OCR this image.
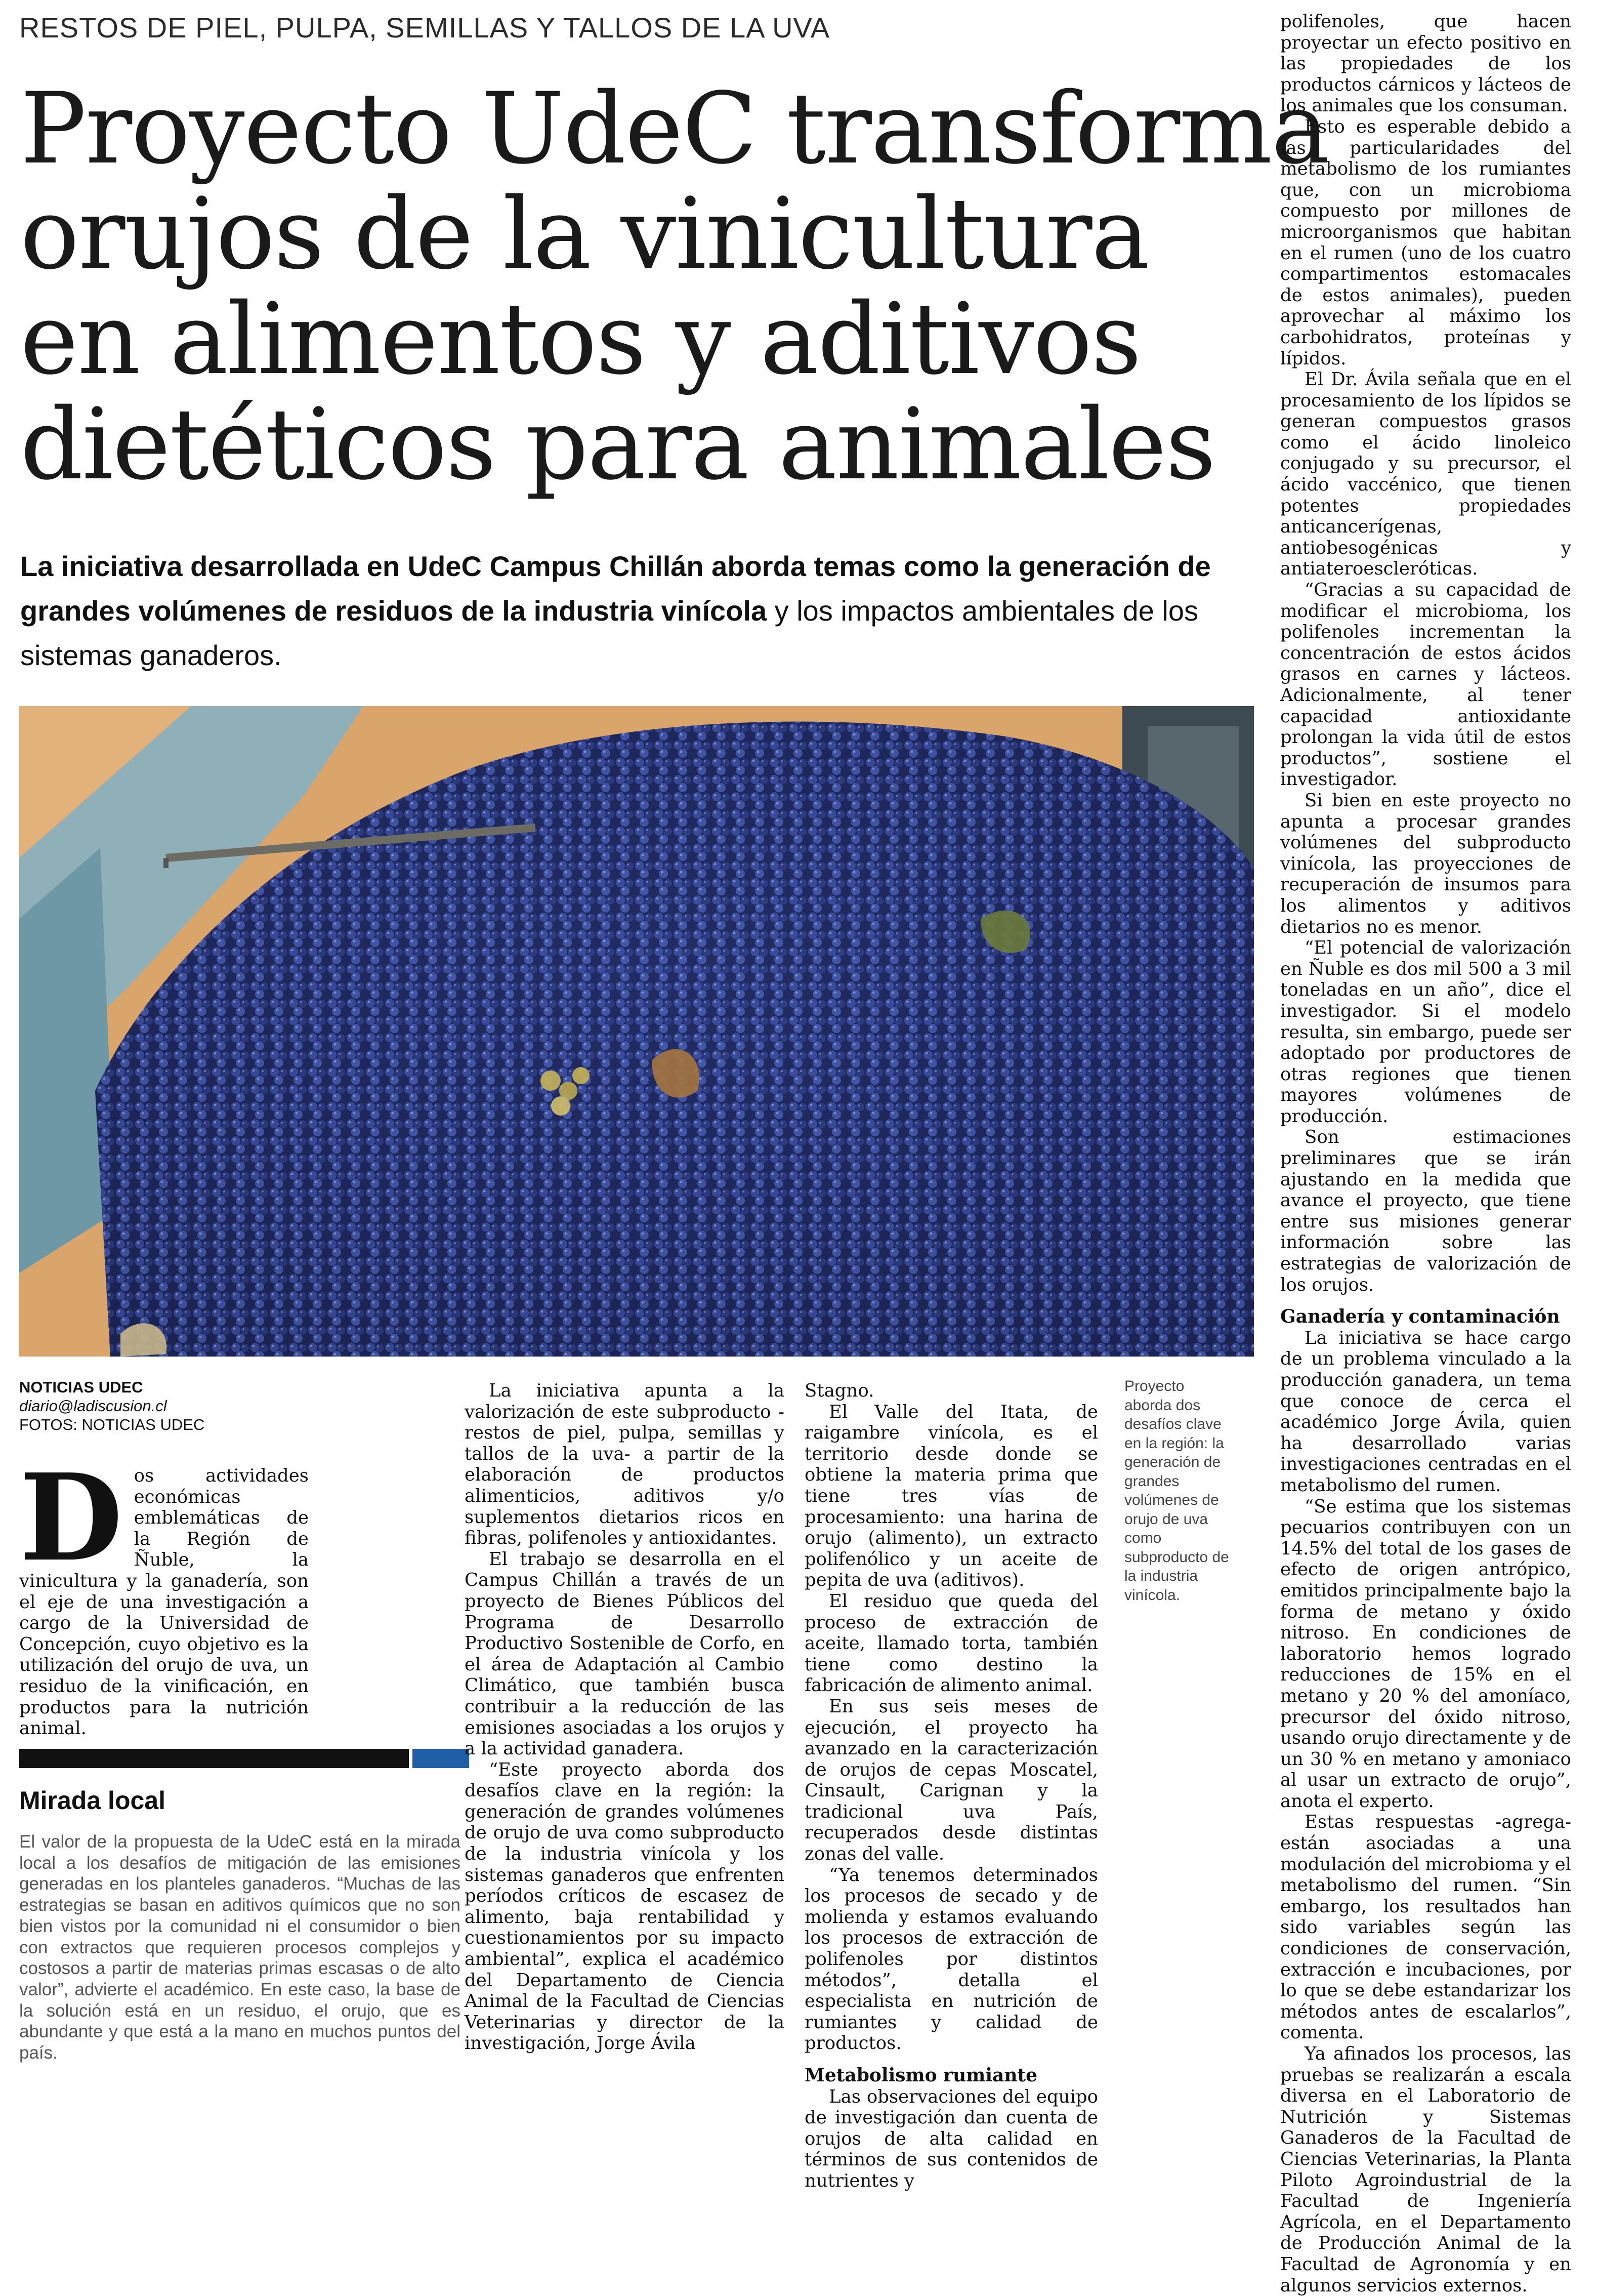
RESTOS DE PIEL, PULPA, SEMILLAS Y TALLOS DE LA UVA
Proyecto UdeC transforma
orujos de la vinicultura
en alimentos y aditivos
dietéticos para animales
La iniciativa desarrollada en UdeC Campus Chillán aborda temas como la generación de grandes volúmenes de residuos de la industria vinícola y los impactos ambientales de los sistemas ganaderos.
NOTICIAS UDEC
diario@ladiscusion.cl
FOTOS: NOTICIAS UDEC
Proyecto aborda dos desafíos clave en la región: la generación de grandes volúmenes de orujo de uva como subproducto de la industria vinícola.
D os actividades económicas emblemáticas de la Región de Ñuble, la vinicultura y la ganadería, son el eje de una investigación a cargo de la Universidad de Concepción, cuyo objetivo es la utilización del orujo de uva, un residuo de la vinificación, en productos para la nutrición animal.

Mirada local
El valor de la propuesta de la UdeC está en la mirada local a los desafíos de mitigación de las emisiones generadas en los planteles ganaderos. “Muchas de las estrategias se basan en aditivos químicos que no son bien vistos por la comunidad ni el consumidor o bien con extractos que requieren procesos complejos y costosos a partir de materias primas escasas o de alto valor”, advierte el académico. En este caso, la base de la solución está en un residuo, el orujo, que es abundante y que está a la mano en muchos puntos del país.

La iniciativa apunta a la valorización de este subproducto -restos de piel, pulpa, semillas y tallos de la uva- a partir de la elaboración de productos alimenticios, aditivos y/o suplementos dietarios ricos en fibras, polifenoles y antioxidantes.

El trabajo se desarrolla en el Campus Chillán a través de un proyecto de Bienes Públicos del Programa de Desarrollo Productivo Sostenible de Corfo, en el área de Adaptación al Cambio Climático, que también busca contribuir a la reducción de las emisiones asociadas a los orujos y a la actividad ganadera.

“Este proyecto aborda dos desafíos clave en la región: la generación de grandes volúmenes de orujo de uva como subproducto de la industria vinícola y los sistemas ganaderos que enfrenten períodos críticos de escasez de alimento, baja rentabilidad y cuestionamientos por su impacto ambiental”, explica el académico del Departamento de Ciencia Animal de la Facultad de Ciencias Veterinarias y director de la investigación, Jorge Ávila

Stagno.

El Valle del Itata, de raigambre vinícola, es el territorio desde donde se obtiene la materia prima que tiene tres vías de procesamiento: una harina de orujo (alimento), un extracto polifenólico y un aceite de pepita de uva (aditivos).

El residuo que queda del proceso de extracción de aceite, llamado torta, también tiene como destino la fabricación de alimento animal.

En sus seis meses de ejecución, el proyecto ha avanzado en la caracterización de orujos de cepas Moscatel, Cinsault, Carignan y la tradicional uva País, recuperados desde distintas zonas del valle.

“Ya tenemos determinados los procesos de secado y de molienda y estamos evaluando los procesos de extracción de polifenoles por distintos métodos”, detalla el especialista en nutrición de rumiantes y calidad de productos.

Metabolismo rumiante

Las observaciones del equipo de investigación dan cuenta de orujos de alta calidad en términos de sus contenidos de nutrientes y

polifenoles, que hacen proyectar un efecto positivo en las propiedades de los productos cárnicos y lácteos de los animales que los consuman.

Esto es esperable debido a las particularidades del metabolismo de los rumiantes que, con un microbioma compuesto por millones de microorganismos que habitan en el rumen (uno de los cuatro compartimentos estomacales de estos animales), pueden aprovechar al máximo los carbohidratos, proteínas y lípidos.

El Dr. Ávila señala que en el procesamiento de los lípidos se generan compuestos grasos como el ácido linoleico conjugado y su precursor, el ácido vaccénico, que tienen potentes propiedades anticancerígenas, antiobesogénicas y antiateroescleróticas.

“Gracias a su capacidad de modificar el microbioma, los polifenoles incrementan la concentración de estos ácidos grasos en carnes y lácteos. Adicionalmente, al tener capacidad antioxidante prolongan la vida útil de estos productos”, sostiene el investigador.

Si bien en este proyecto no apunta a procesar grandes volúmenes del subproducto vinícola, las proyecciones de recuperación de insumos para los alimentos y aditivos dietarios no es menor.

“El potencial de valorización en Ñuble es dos mil 500 a 3 mil toneladas en un año”, dice el investigador. Si el modelo resulta, sin embargo, puede ser adoptado por productores de otras regiones que tienen mayores volúmenes de producción.

Son estimaciones preliminares que se irán ajustando en la medida que avance el proyecto, que tiene entre sus misiones generar información sobre las estrategias de valorización de los orujos.

Ganadería y contaminación

La iniciativa se hace cargo de un problema vinculado a la producción ganadera, un tema que conoce de cerca el académico Jorge Ávila, quien ha desarrollado varias investigaciones centradas en el metabolismo del rumen.

“Se estima que los sistemas pecuarios contribuyen con un 14.5% del total de los gases de efecto de origen antrópico, emitidos principalmente bajo la forma de metano y óxido nitroso. En condiciones de laboratorio hemos logrado reducciones de 15% en el metano y 20 % del amoníaco, precursor del óxido nitroso, usando orujo directamente y de un 30 % en metano y amoniaco al usar un extracto de orujo”, anota el experto.

Estas respuestas -agrega- están asociadas a una modulación del microbioma y el metabolismo del rumen. “Sin embargo, los resultados han sido variables según las condiciones de conservación, extracción e incubaciones, por lo que se debe estandarizar los métodos antes de escalarlos”, comenta.

Ya afinados los procesos, las pruebas se realizarán a escala diversa en el Laboratorio de Nutrición y Sistemas Ganaderos de la Facultad de Ciencias Veterinarias, la Planta Piloto Agroindustrial de la Facultad de Ingeniería Agrícola, en el Departamento de Producción Animal de la Facultad de Agronomía y en algunos servicios externos.
